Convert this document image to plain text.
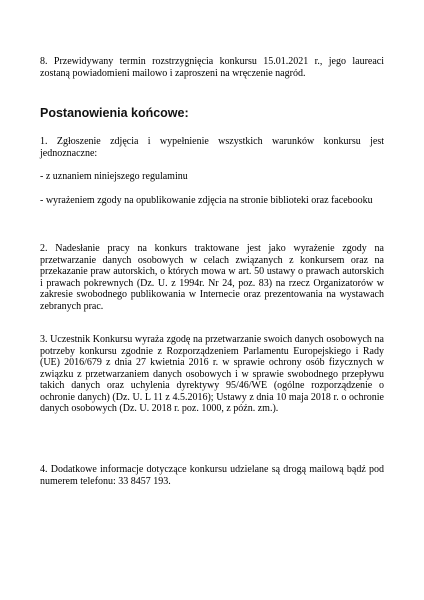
8. Przewidywany termin rozstrzygnięcia konkursu 15.01.2021 r., jego laureaci zostaną powiadomieni mailowo i zaproszeni na wręczenie nagród.

Postanowienia końcowe:

1. Zgłoszenie zdjęcia i wypełnienie wszystkich warunków konkursu jest jednoznaczne:

- z uznaniem niniejszego regulaminu

- wyrażeniem zgody na opublikowanie zdjęcia na stronie biblioteki oraz facebooku

2. Nadesłanie pracy na konkurs traktowane jest jako wyrażenie zgody na przetwarzanie danych osobowych w celach związanych z konkursem oraz na przekazanie praw autorskich, o których mowa w art. 50 ustawy o prawach autorskich i prawach pokrewnych (Dz. U. z 1994r. Nr 24, poz. 83) na rzecz Organizatorów w zakresie swobodnego publikowania w Internecie oraz prezentowania na wystawach zebranych prac.

3. Uczestnik Konkursu wyraża zgodę na przetwarzanie swoich danych osobowych na potrzeby konkursu zgodnie z Rozporządzeniem Parlamentu Europejskiego i Rady (UE) 2016/679 z dnia 27 kwietnia 2016 r. w sprawie ochrony osób fizycznych w związku z przetwarzaniem danych osobowych i w sprawie swobodnego przepływu takich danych oraz uchylenia dyrektywy 95/46/WE (ogólne rozporządzenie o ochronie danych) (Dz. U. L 11 z 4.5.2016); Ustawy z dnia 10 maja 2018 r. o ochronie danych osobowych (Dz. U. 2018 r. poz. 1000, z późn. zm.).

4. Dodatkowe informacje dotyczące konkursu udzielane są drogą mailową bądź pod numerem telefonu: 33 8457 193.
